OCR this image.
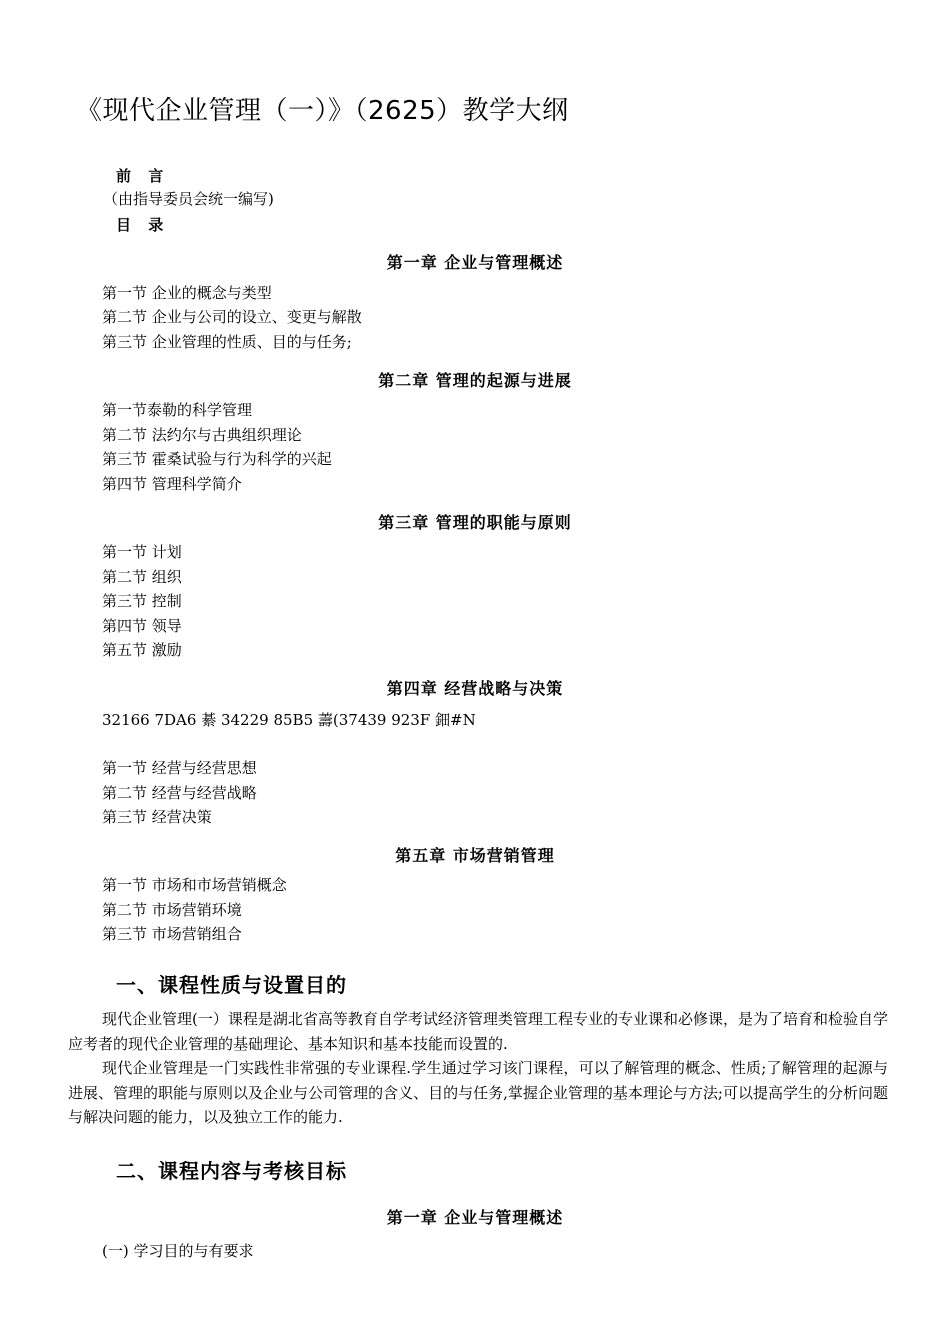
《现代企业管理（一）》（2625）教学大纲
前 言
（由指导委员会统一编写)
目 录
第一章 企业与管理概述
第一节 企业的概念与类型
第二节 企业与公司的设立、变更与解散
第三节 企业管理的性质、目的与任务;
第二章 管理的起源与进展
第一节泰勒的科学管理
第二节 法约尔与古典组织理论
第三节 霍桑试验与行为科学的兴起
第四节 管理科学简介
第三章 管理的职能与原则
第一节 计划
第二节 组织
第三节 控制
第四节 领导
第五节 激励
第四章 经营战略与决策
32166 7DA6 綦 34229 85B5 薵(37439 923F 鈿#N
第一节 经营与经营思想
第二节 经营与经营战略
第三节 经营决策
第五章 市场营销管理
第一节 市场和市场营销概念
第二节 市场营销环境
第三节 市场营销组合
一、课程性质与设置目的
现代企业管理(一）课程是湖北省高等教育自学考试经济管理类管理工程专业的专业课和必修课，是为了培育和检验自学应考者的现代企业管理的基础理论、基本知识和基本技能而设置的.
现代企业管理是一门实践性非常强的专业课程.学生通过学习该门课程，可以了解管理的概念、性质;了解管理的起源与进展、管理的职能与原则以及企业与公司管理的含义、目的与任务,掌握企业管理的基本理论与方法;可以提高学生的分析问题与解决问题的能力，以及独立工作的能力.
二、课程内容与考核目标
第一章 企业与管理概述
(一) 学习目的与有要求
